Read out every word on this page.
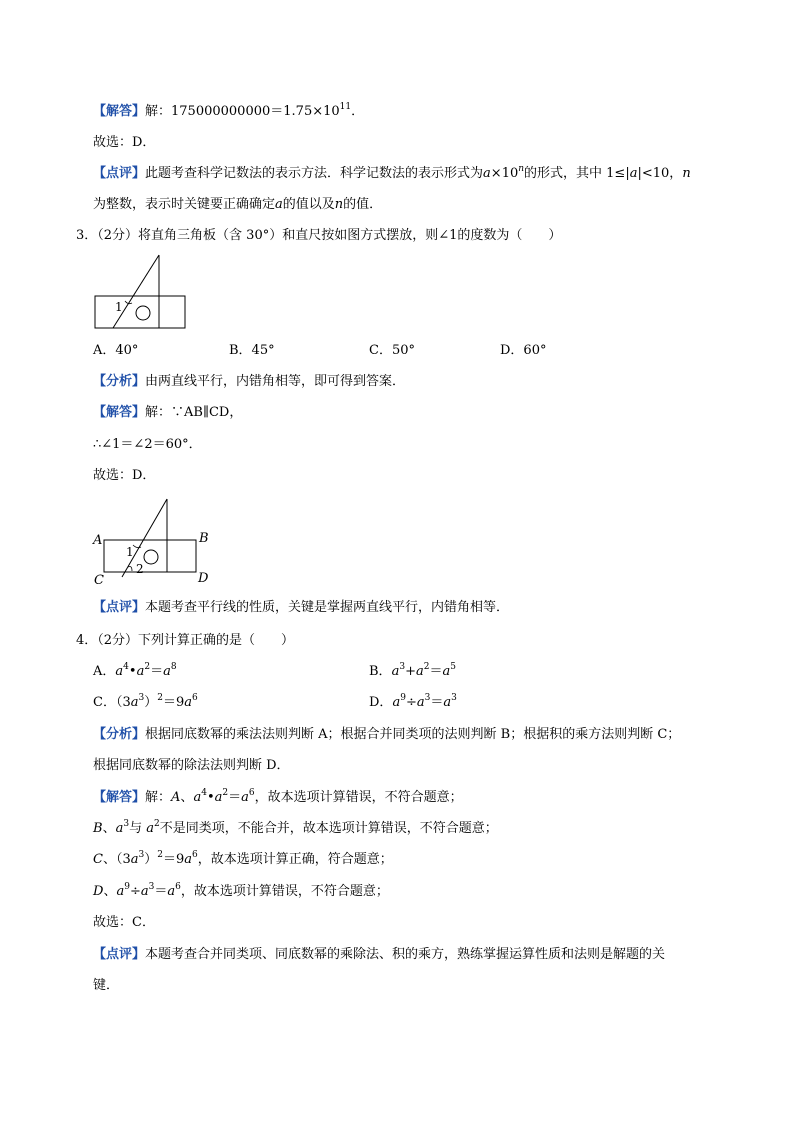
【解答】解：$175000000000=1.75\times 10^{11}$．
故选：D．
【点评】此题考查科学记数法的表示方法．科学记数法的表示形式为$a\times 10^n$的形式，其中 1≤|a|<10，n
为整数，表示时关键要正确确定a的值以及n的值．
3．（2分）将直角三角板（含 30°）和直尺按如图方式摆放，则∠1的度数为（　　）
1
A．40°	B．45°	C．50°	D．60°
【分析】由两直线平行，内错角相等，即可得到答案．
【解答】解：∵AB∥CD，
∴∠1＝∠2＝60°．
故选：D．
A	B
C	D
1
2
【点评】本题考查平行线的性质，关键是掌握两直线平行，内错角相等．
4．（2分）下列计算正确的是（　　）
A．$a^4•a^2=a^8$	B．$a^3+a^2=a^5$
C．$(3a^3)^2=9a^6$	D．$a^9\div a^3=a^3$
【分析】根据同底数幂的乘法法则判断 A；根据合并同类项的法则判断 B；根据积的乘方法则判断 C；
根据同底数幂的除法法则判断 D．
【解答】解：A、$a^4•a^2=a^6$，故本选项计算错误，不符合题意；
B、$a^3$与 $a^2$不是同类项，不能合并，故本选项计算错误，不符合题意；
C、$(3a^3)^2=9a^6$，故本选项计算正确，符合题意；
D、$a^9\div a^3=a^6$，故本选项计算错误，不符合题意；
故选：C．
【点评】本题考查合并同类项、同底数幂的乘除法、积的乘方，熟练掌握运算性质和法则是解题的关
键．
